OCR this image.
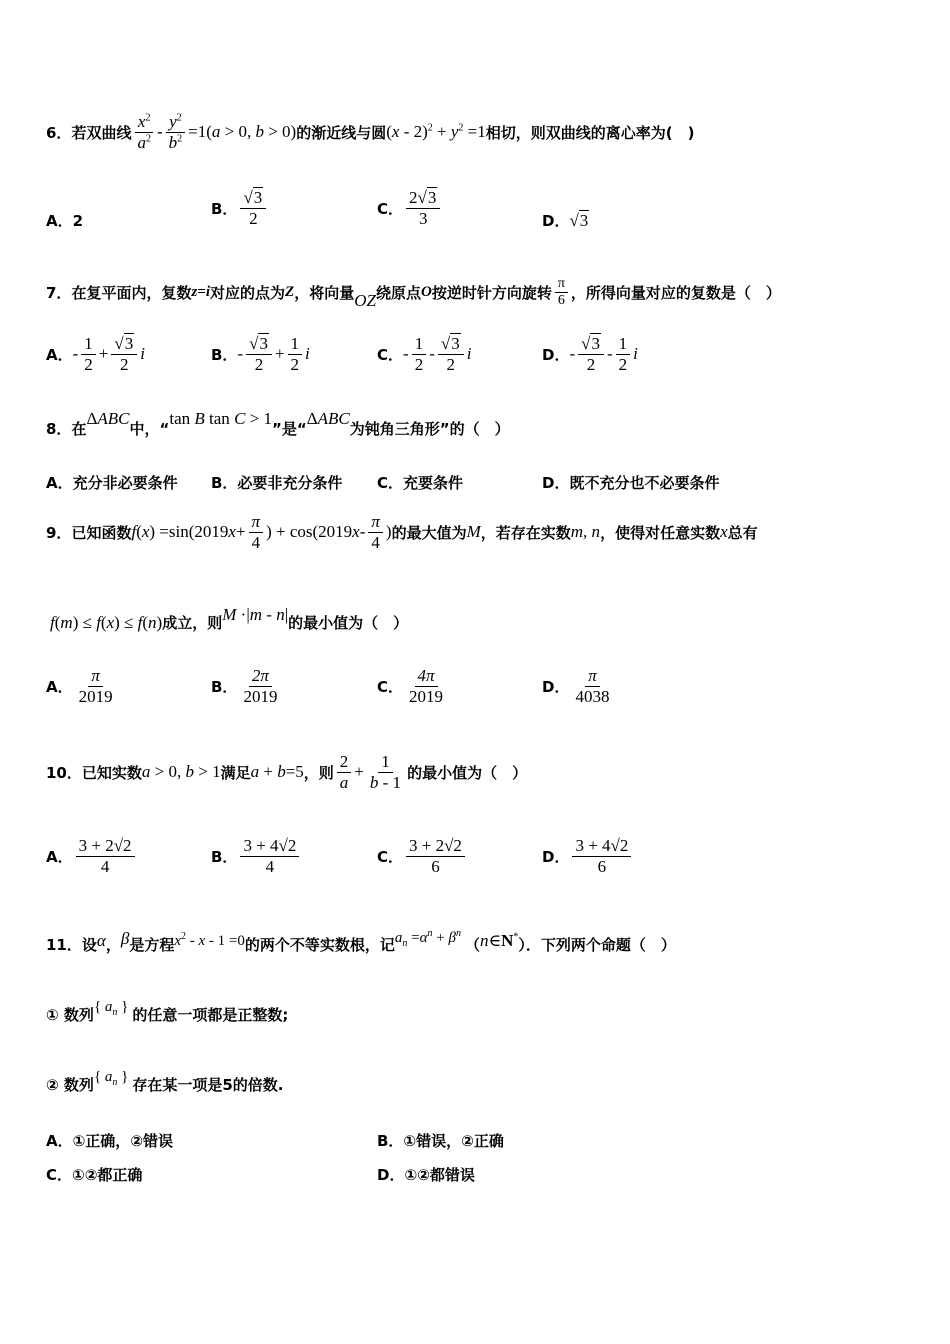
6． 若双曲线 $\frac{x^2}{a^2} - \frac{y^2}{b^2} =1(a > 0$, b > 0) 的渐近线与圆 $(x - 2)^2 + y^2 =1$ 相切，则双曲线的离心率为(　)
A．2
B． $\frac{√3}{2}$	C． $\frac{2√3}{3}$	D． √3
7． 在复平面内，复数 z=i 对应的点为 Z ，将向量 OZ 绕原点 O 按逆时针方向旋转 $\frac{\pi}{6}$ ，所得向量对应的复数是（　）
A． - $\frac{1}{2} + \frac{√3}{2}$ i	B． - $\frac{√3}{2} + \frac{1}{2}$ i	C． - $\frac{1}{2} - \frac{√3}{2}$ i	D． - $\frac{√3}{2} - \frac{1}{2}$ i
8． 在
ΔABC
中，“
tan B tan C > 1
”是“
ΔABC
为钝角三角形”的（　）
A．充分非必要条件 B．必要非充分条件 C．充要条件	D．既不充分也不必要条件
9． 已知函数 f ( x ) =sin(2019 $x + \frac{\pi}{4}$ ) + cos(2019 x - $\frac{\pi}{4}$ ) 的最大值为 M ，若存在实数 m, n ，使得对任意实数 x 总有
f(m) ≤ f(x) ≤ f(n) 成立，则 M ·|m - n| 的最小值为（　）
A． $\frac{\pi}{2019}$	B． $\frac{2\pi}{2019}$	C． $\frac{4\pi}{2019}$	D． $\frac{\pi}{4038}$
10． 已知实数 a > 0, b > 1 满足 a + b=5 ，则 $\frac{2}{a} + \frac{1}{b - 1}$ 的最小值为（　）
A． $\frac{3 + 2√2}{4}$	B． $\frac{3 + 4√2}{4}$	C． $\frac{3 + 2√2}{6}$	D． $\frac{3 + 4√2}{6}$
11． 设 α ， β 是方程 $x^2 - x - 1 =0$ 的两个不等实数根，记 $a_n =\alpha^n + \beta^n$
（ n∈N* ）．下列两个命题（　）
① 数列 { $a_n$ } 的任意一项都是正整数;
② 数列 { $a_n$ } 存在某一项是5的倍数.
A．①正确，②错误	B．①错误，②正确
C．①②都正确	D．①②都错误
